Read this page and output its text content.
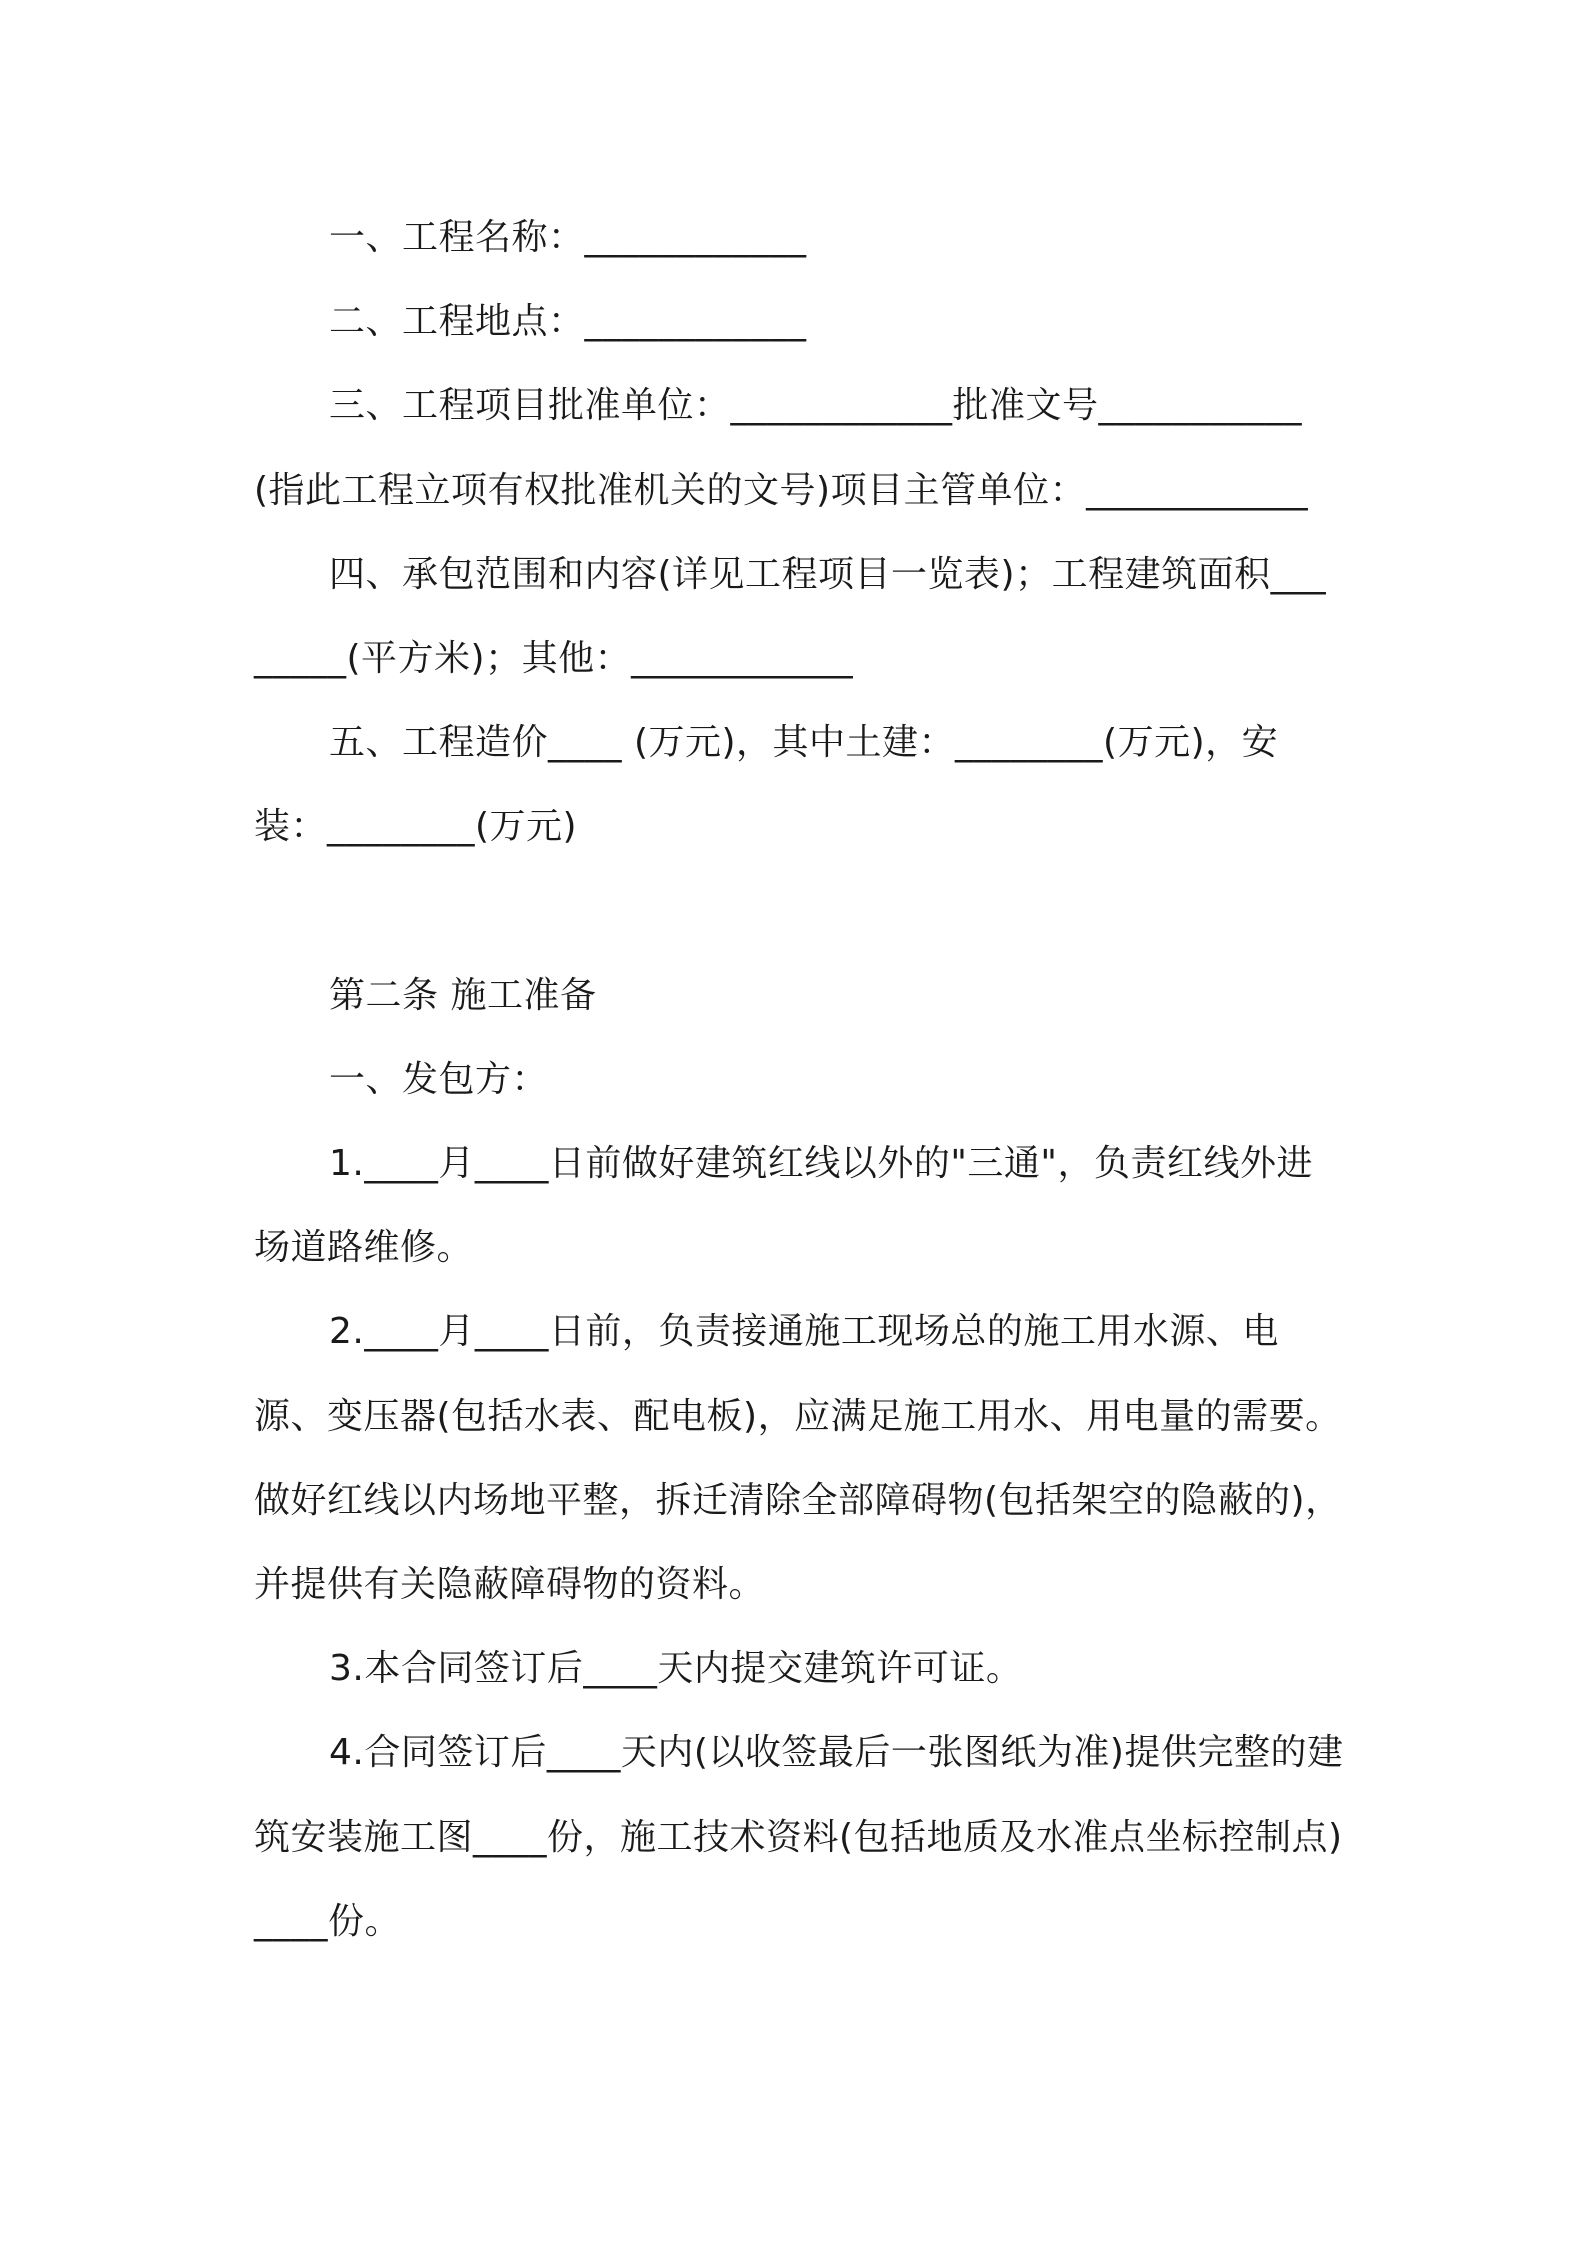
一、工程名称：____________

二、工程地点：____________

三、工程项目批准单位：____________批准文号___________(指此工程立项有权批准机关的文号)项目主管单位：____________

四、承包范围和内容(详见工程项目一览表)；工程建筑面积________(平方米)；其他：____________

五、工程造价____ (万元)，其中土建：________(万元)，安装：________(万元)

第二条 施工准备

一、发包方：

1.____月____日前做好建筑红线以外的"三通"，负责红线外进场道路维修。

2.____月____日前，负责接通施工现场总的施工用水源、电源、变压器(包括水表、配电板)，应满足施工用水、用电量的需要。做好红线以内场地平整，拆迁清除全部障碍物(包括架空的隐蔽的)，并提供有关隐蔽障碍物的资料。

3.本合同签订后____天内提交建筑许可证。

4.合同签订后____天内(以收签最后一张图纸为准)提供完整的建筑安装施工图____份，施工技术资料(包括地质及水准点坐标控制点)____份。
